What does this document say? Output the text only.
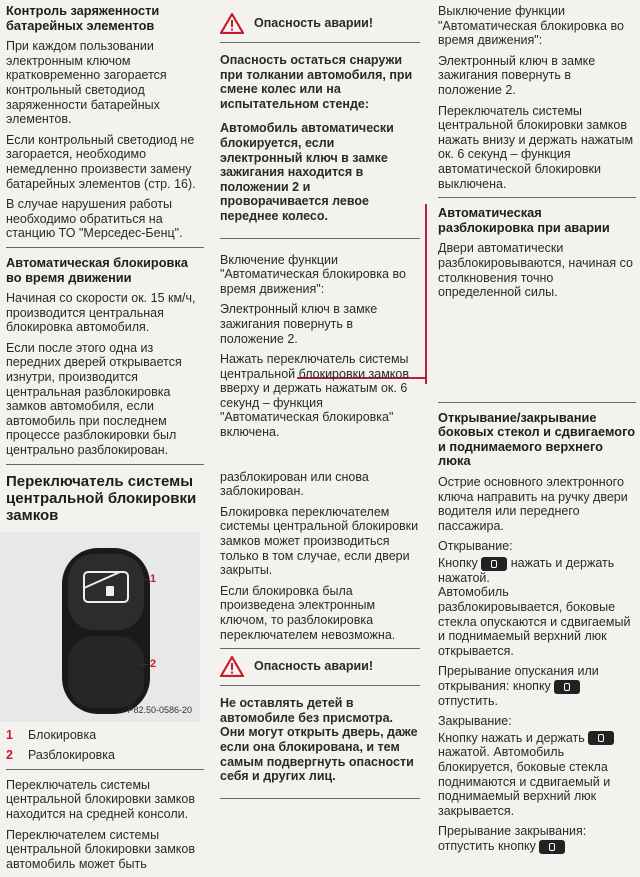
Контроль заряженности батарейных элементов

При каждом пользовании электронным ключом кратковременно загорается контрольный светодиод заряженности батарейных элементов.

Если контрольный светодиод не загорается, необходимо немедленно произвести замену батарейных элементов (стр. 16).

В случае нарушения работы необходимо обратиться на станцию ТО "Мерседес-Бенц".

Автоматическая блокировка во время движении

Начиная со скорости ок. 15 км/ч, производится центральная блокировка автомобиля.

Если после этого одна из передних дверей открывается изнутри, производится центральная разблокировка замков автомобиля, если автомобиль при последнем процессе разблокировки был центрально разблокирован.

Переключатель системы центральной блокировки замков
1
2
P82.50-0586-20
1 Блокировка
2 Разблокировка

Переключатель системы центральной блокировки замков находится на средней консоли.

Переключателем системы центральной блокировки замков автомобиль может быть

Опасность аварии!

Опасность остаться снаружи при толкании автомобиля, при смене колес или на испытательном стенде:

Автомобиль автоматически блокируется, если электронный ключ в замке зажигания находится в положении 2 и проворачивается левое переднее колесо.

Включение функции "Автоматическая блокировка во время движения":

Электронный ключ в замке зажигания повернуть в положение 2.

Нажать переключатель системы центральной блокировки замков вверху и держать нажатым ок. 6 секунд – функция "Автоматическая блокировка" включена.

разблокирован или снова заблокирован.

Блокировка переключателем системы центральной блокировки замков может производиться только в том случае, если двери закрыты.

Если блокировка была произведена электронным ключом, то разблокировка переключателем невозможна.

Опасность аварии!

Не оставлять детей в автомобиле без присмотра. Они могут открыть дверь, даже если она блокирована, и тем самым подвергнуть опасности себя и других лиц.

Выключение функции "Автоматическая блокировка во время движения":

Электронный ключ в замке зажигания повернуть в положение 2.

Переключатель системы центральной блокировки замков нажать внизу и держать нажатым ок. 6 секунд – функция автоматической блокировки выключена.

Автоматическая разблокировка при аварии

Двери автоматически разблокировываются, начиная со столкновения точно определенной силы.

Открывание/закрывание боковых стекол и сдвигаемого и поднимаемого верхнего люка

Острие основного электронного ключа направить на ручку двери водителя или переднего пассажира.

Открывание:

Кнопку	нажать и держать нажатой.

Автомобиль разблокировывается, боковые стекла опускаются и сдвигаемый и поднимаемый верхний люк открывается.

Прерывание опускания или открывания: кнопку
отпустить.

Закрывание:

Кнопку нажать и держать
нажатой. Автомобиль блокируется, боковые стекла поднимаются и сдвигаемый и поднимаемый верхний люк закрывается.

Прерывание закрывания: отпустить кнопку
